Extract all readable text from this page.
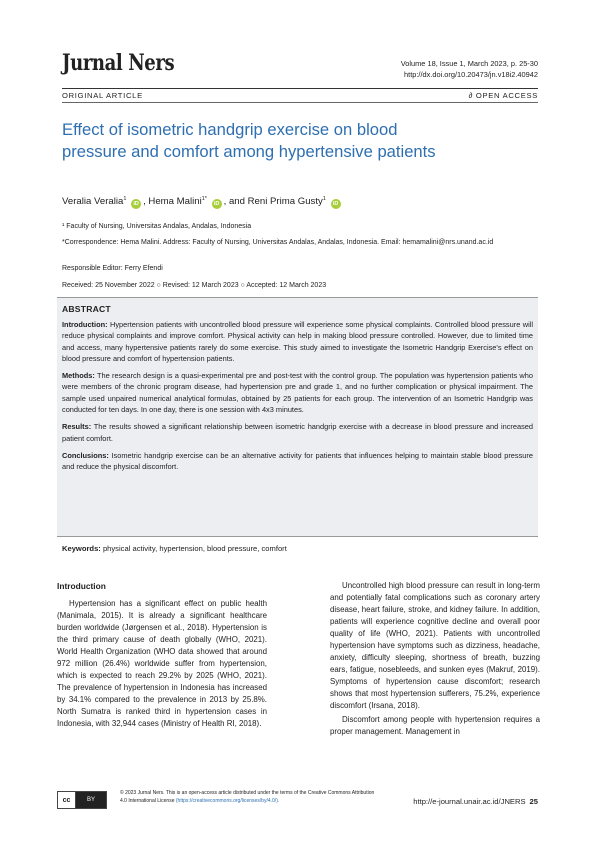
Jurnal Ners	Volume 18, Issue 1, March 2023, p. 25-30
http://dx.doi.org/10.20473/jn.v18i2.40942
ORIGINAL ARTICLE	∂ OPEN ACCESS
Effect of isometric handgrip exercise on blood pressure and comfort among hypertensive patients
Veralia Veralia$^1$ iD , Hema Malini$^{1*}$ iD , and Reni Prima Gusty$^1$ iD
¹ Faculty of Nursing, Universitas Andalas, Andalas, Indonesia
*Correspondence: Hema Malini. Address: Faculty of Nursing, Universitas Andalas, Andalas, Indonesia. Email: hemamalini@nrs.unand.ac.id
Responsible Editor: Ferry Efendi
Received: 25 November 2022 ○ Revised: 12 March 2023 ○ Accepted: 12 March 2023
ABSTRACT

Introduction: Hypertension patients with uncontrolled blood pressure will experience some physical complaints. Controlled blood pressure will reduce physical complaints and improve comfort. Physical activity can help in making blood pressure controlled. However, due to limited time and access, many hypertensive patients rarely do some exercise. This study aimed to investigate the Isometric Handgrip Exercise's effect on blood pressure and comfort of hypertension patients.

Methods: The research design is a quasi-experimental pre and post-test with the control group. The population was hypertension patients who were members of the chronic program disease, had hypertension pre and grade 1, and no further complication or physical impairment. The sample used unpaired numerical analytical formulas, obtained by 25 patients for each group. The intervention of an Isometric Handgrip was conducted for ten days. In one day, there is one session with 4x3 minutes.

Results: The results showed a significant relationship between isometric handgrip exercise with a decrease in blood pressure and increased patient comfort.

Conclusions: Isometric handgrip exercise can be an alternative activity for patients that influences helping to maintain stable blood pressure and reduce the physical discomfort.

Keywords: physical activity, hypertension, blood pressure, comfort
Introduction

Hypertension has a significant effect on public health (Manimala, 2015). It is already a significant healthcare burden worldwide (Jørgensen et al., 2018). Hypertension is the third primary cause of death globally (WHO, 2021). World Health Organization (WHO data showed that around 972 million (26.4%) worldwide suffer from hypertension, which is expected to reach 29.2% by 2025 (WHO, 2021). The prevalence of hypertension in Indonesia has increased by 34.1% compared to the prevalence in 2013 by 25.8%. North Sumatra is ranked third in hypertension cases in Indonesia, with 32,944 cases (Ministry of Health RI, 2018).

Uncontrolled high blood pressure can result in long-term and potentially fatal complications such as coronary artery disease, heart failure, stroke, and kidney failure. In addition, patients will experience cognitive decline and overall poor quality of life (WHO, 2021). Patients with uncontrolled hypertension have symptoms such as dizziness, headache, anxiety, difficulty sleeping, shortness of breath, buzzing ears, fatigue, nosebleeds, and sunken eyes (Makruf, 2019). Symptoms of hypertension cause discomfort; research shows that most hypertension sufferers, 75.2%, experience discomfort (Irsana, 2018).

Discomfort among people with hypertension requires a proper management. Management in

cc	BY
© 2023 Jurnal Ners. This is an open-access article distributed under the terms of the Creative Commons Attribution 4.0 International License (https://creativecommons.org/licenses/by/4.0/).	http://e-journal.unair.ac.id/JNERS 25
